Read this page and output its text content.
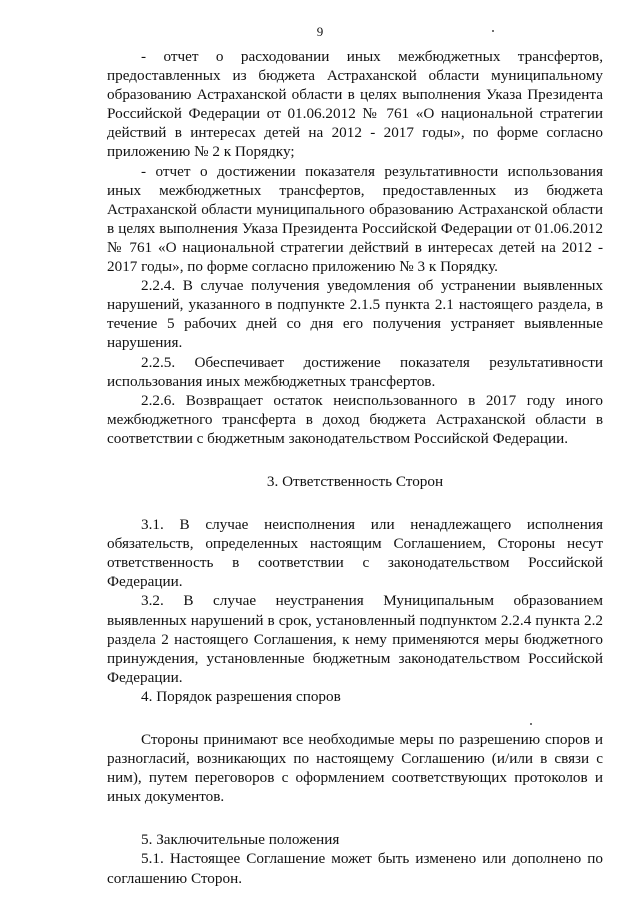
9

- отчет о расходовании иных межбюджетных трансфертов, предоставленных из бюджета Астраханской области муниципальному образованию Астраханской области в целях выполнения Указа Президента Российской Федерации от 01.06.2012 № 761 «О национальной стратегии действий в интересах детей на 2012 - 2017 годы», по форме согласно приложению № 2 к Порядку;

- отчет о достижении показателя результативности использования иных межбюджетных трансфертов, предоставленных из бюджета Астраханской области муниципального образованию Астраханской области в целях выполнения Указа Президента Российской Федерации от 01.06.2012 № 761 «О национальной стратегии действий в интересах детей на 2012 - 2017 годы», по форме согласно приложению № 3 к Порядку.

2.2.4. В случае получения уведомления об устранении выявленных нарушений, указанного в подпункте 2.1.5 пункта 2.1 настоящего раздела, в течение 5 рабочих дней со дня его получения устраняет выявленные нарушения.

2.2.5. Обеспечивает достижение показателя результативности использования иных межбюджетных трансфертов.

2.2.6. Возвращает остаток неиспользованного в 2017 году иного межбюджетного трансферта в доход бюджета Астраханской области в соответствии с бюджетным законодательством Российской Федерации.

3. Ответственность Сторон

3.1. В случае неисполнения или ненадлежащего исполнения обязательств, определенных настоящим Соглашением, Стороны несут ответственность в соответствии с законодательством Российской Федерации.

3.2. В случае неустранения Муниципальным образованием выявленных нарушений в срок, установленный подпунктом 2.2.4 пункта 2.2 раздела 2 настоящего Соглашения, к нему применяются меры бюджетного принуждения, установленные бюджетным законодательством Российской Федерации.

4. Порядок разрешения споров

Стороны принимают все необходимые меры по разрешению споров и разногласий, возникающих по настоящему Соглашению (и/или в связи с ним), путем переговоров с оформлением соответствующих протоколов и иных документов.

5. Заключительные положения

5.1. Настоящее Соглашение может быть изменено или дополнено по соглашению Сторон.
